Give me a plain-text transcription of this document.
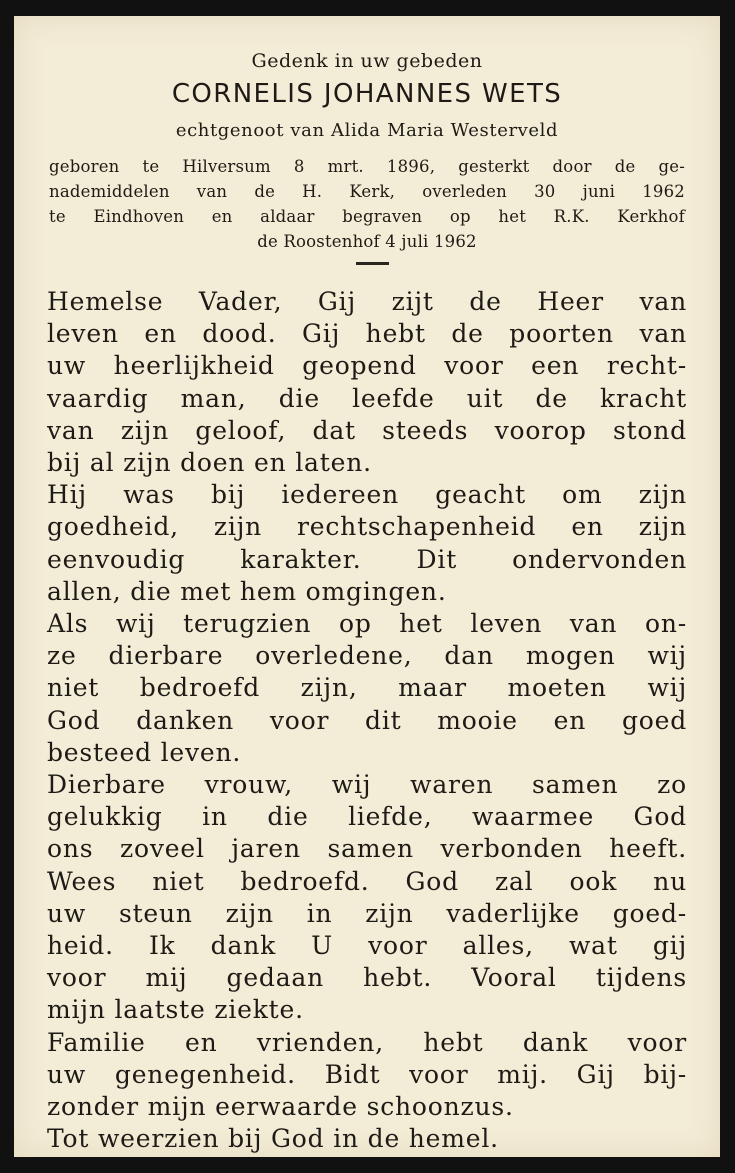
Gedenk in uw gebeden
CORNELIS JOHANNES WETS
echtgenoot van Alida Maria Westerveld
geboren te Hilversum 8 mrt. 1896, gesterkt door de ge-
nademiddelen van de H. Kerk, overleden 30 juni 1962
te Eindhoven en aldaar begraven op het R.K. Kerkhof
de Roostenhof 4 juli 1962
Hemelse Vader, Gij zijt de Heer van
leven en dood. Gij hebt de poorten van
uw heerlijkheid geopend voor een recht-
vaardig man, die leefde uit de kracht
van zijn geloof, dat steeds voorop stond
bij al zijn doen en laten.
Hij was bij iedereen geacht om zijn
goedheid, zijn rechtschapenheid en zijn
eenvoudig karakter. Dit ondervonden
allen, die met hem omgingen.
Als wij terugzien op het leven van on-
ze dierbare overledene, dan mogen wij
niet bedroefd zijn, maar moeten wij
God danken voor dit mooie en goed
besteed leven.
Dierbare vrouw, wij waren samen zo
gelukkig in die liefde, waarmee God
ons zoveel jaren samen verbonden heeft.
Wees niet bedroefd. God zal ook nu
uw steun zijn in zijn vaderlijke goed-
heid. Ik dank U voor alles, wat gij
voor mij gedaan hebt. Vooral tijdens
mijn laatste ziekte.
Familie en vrienden, hebt dank voor
uw genegenheid. Bidt voor mij. Gij bij-
zonder mijn eerwaarde schoonzus.
Tot weerzien bij God in de hemel.
